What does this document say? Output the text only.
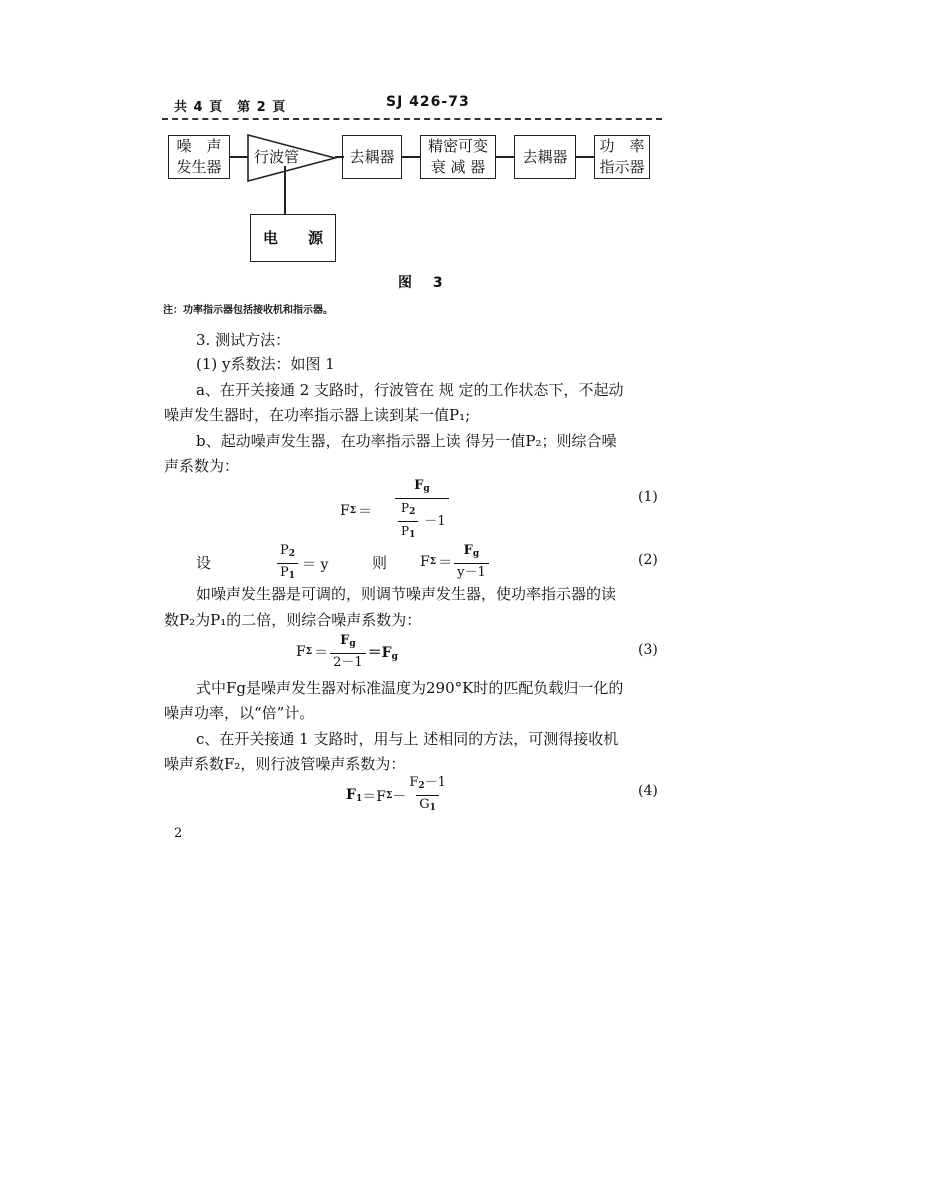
共 4 頁　第 2 頁	SJ 426-73
噪　声
发生器
行波管	去耦器
精密可变
衰 减 器
去耦器
功　率
指示器
电　　源
图 3
注：功率指示器包括接收机和指示器。
3. 测试方法：
(1) y系数法：如图 1
a、在开关接通 2 支路时，行波管在 规 定的工作状态下，不起动
噪声发生器时，在功率指示器上读到某一值P₁;
b、起动噪声发生器，在功率指示器上读 得另一值P₂；则综合噪
声系数为：
F $\Sigma = \frac{F_g}{\frac{P_2}{P_1} -1}$	(1)
设	$\frac{P_2}{P_1} = y$	则 F $\Sigma = \frac{F_g}{y-1}$	(2)
如噪声发生器是可调的，则调节噪声发生器，使功率指示器的读
数P₂为P₁的二倍，则综合噪声系数为：
F $\Sigma = \frac{F_g}{2-1} =F_g$	(3)
式中Fg是噪声发生器对标准温度为290°K时的匹配负载归一化的
噪声功率，以“倍”计。
c、在开关接通 1 支路时，用与上 述相同的方法，可测得接收机
噪声系数F₂，则行波管噪声系数为：
$F_1 =F$ $\Sigma - \frac{F_2-1}{G_1}$	(4)
2
